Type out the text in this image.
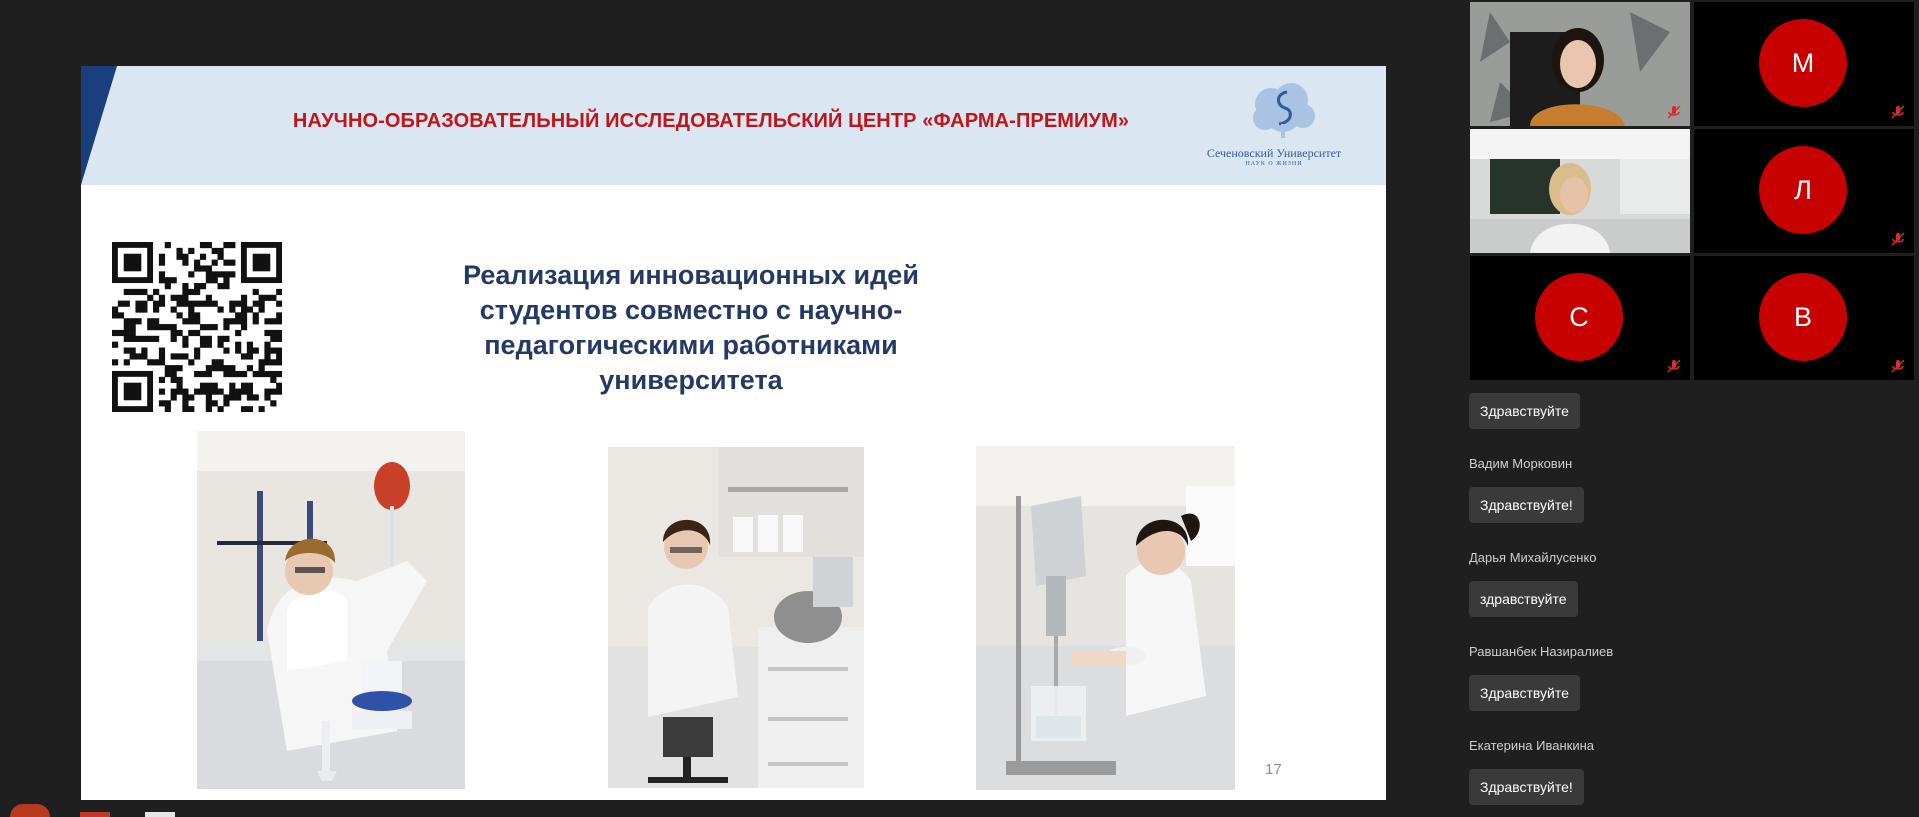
НАУЧНО-ОБРАЗОВАТЕЛЬНЫЙ ИССЛЕДОВАТЕЛЬСКИЙ ЦЕНТР «ФАРМА-ПРЕМИУМ»
Сеченовский Университет
НАУК О ЖИЗНИ
Реализация инновационных идей
студентов совместно с научно-
педагогическими работниками
университета
17
М
Л
С	В
Здравствуйте
Вадим Морковин
Здравствуйте!
Дарья Михайлусенко
здравствуйте
Равшанбек Назиралиев
Здравствуйте
Екатерина Иванкина
Здравствуйте!
